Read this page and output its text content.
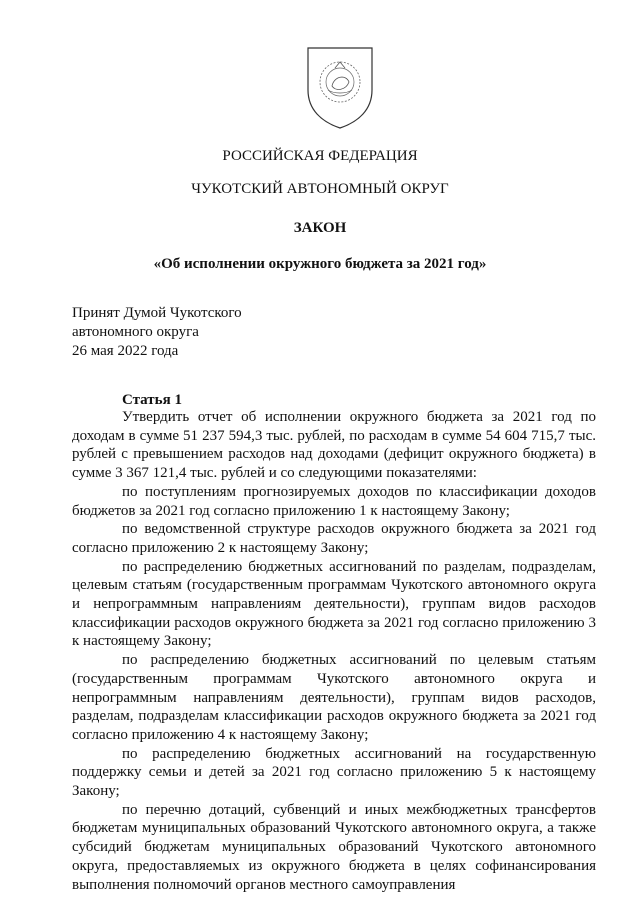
РОССИЙСКАЯ ФЕДЕРАЦИЯ
ЧУКОТСКИЙ АВТОНОМНЫЙ ОКРУГ
ЗАКОН
«Об исполнении окружного бюджета за 2021 год»
Принят Думой Чукотского
автономного округа
26 мая 2022 года
Статья 1

Утвердить отчет об исполнении окружного бюджета за 2021 год по доходам в сумме 51 237 594,3 тыс. рублей, по расходам в сумме 54 604 715,7 тыс. рублей с превышением расходов над доходами (дефицит окружного бюджета) в сумме 3 367 121,4 тыс. рублей и со следующими показателями:

по поступлениям прогнозируемых доходов по классификации доходов бюджетов за 2021 год согласно приложению 1 к настоящему Закону;

по ведомственной структуре расходов окружного бюджета за 2021 год согласно приложению 2 к настоящему Закону;

по распределению бюджетных ассигнований по разделам, подразделам, целевым статьям (государственным программам Чукотского автономного округа и непрограммным направлениям деятельности), группам видов расходов классификации расходов окружного бюджета за 2021 год согласно приложению 3 к настоящему Закону;

по распределению бюджетных ассигнований по целевым статьям (государственным программам Чукотского автономного округа и непрограммным направлениям деятельности), группам видов расходов, разделам, подразделам классификации расходов окружного бюджета за 2021 год согласно приложению 4 к настоящему Закону;

по распределению бюджетных ассигнований на государственную поддержку семьи и детей за 2021 год согласно приложению 5 к настоящему Закону;

по перечню дотаций, субвенций и иных межбюджетных трансфертов бюджетам муниципальных образований Чукотского автономного округа, а также субсидий бюджетам муниципальных образований Чукотского автономного округа, предоставляемых из окружного бюджета в целях софинансирования выполнения полномочий органов местного самоуправления
